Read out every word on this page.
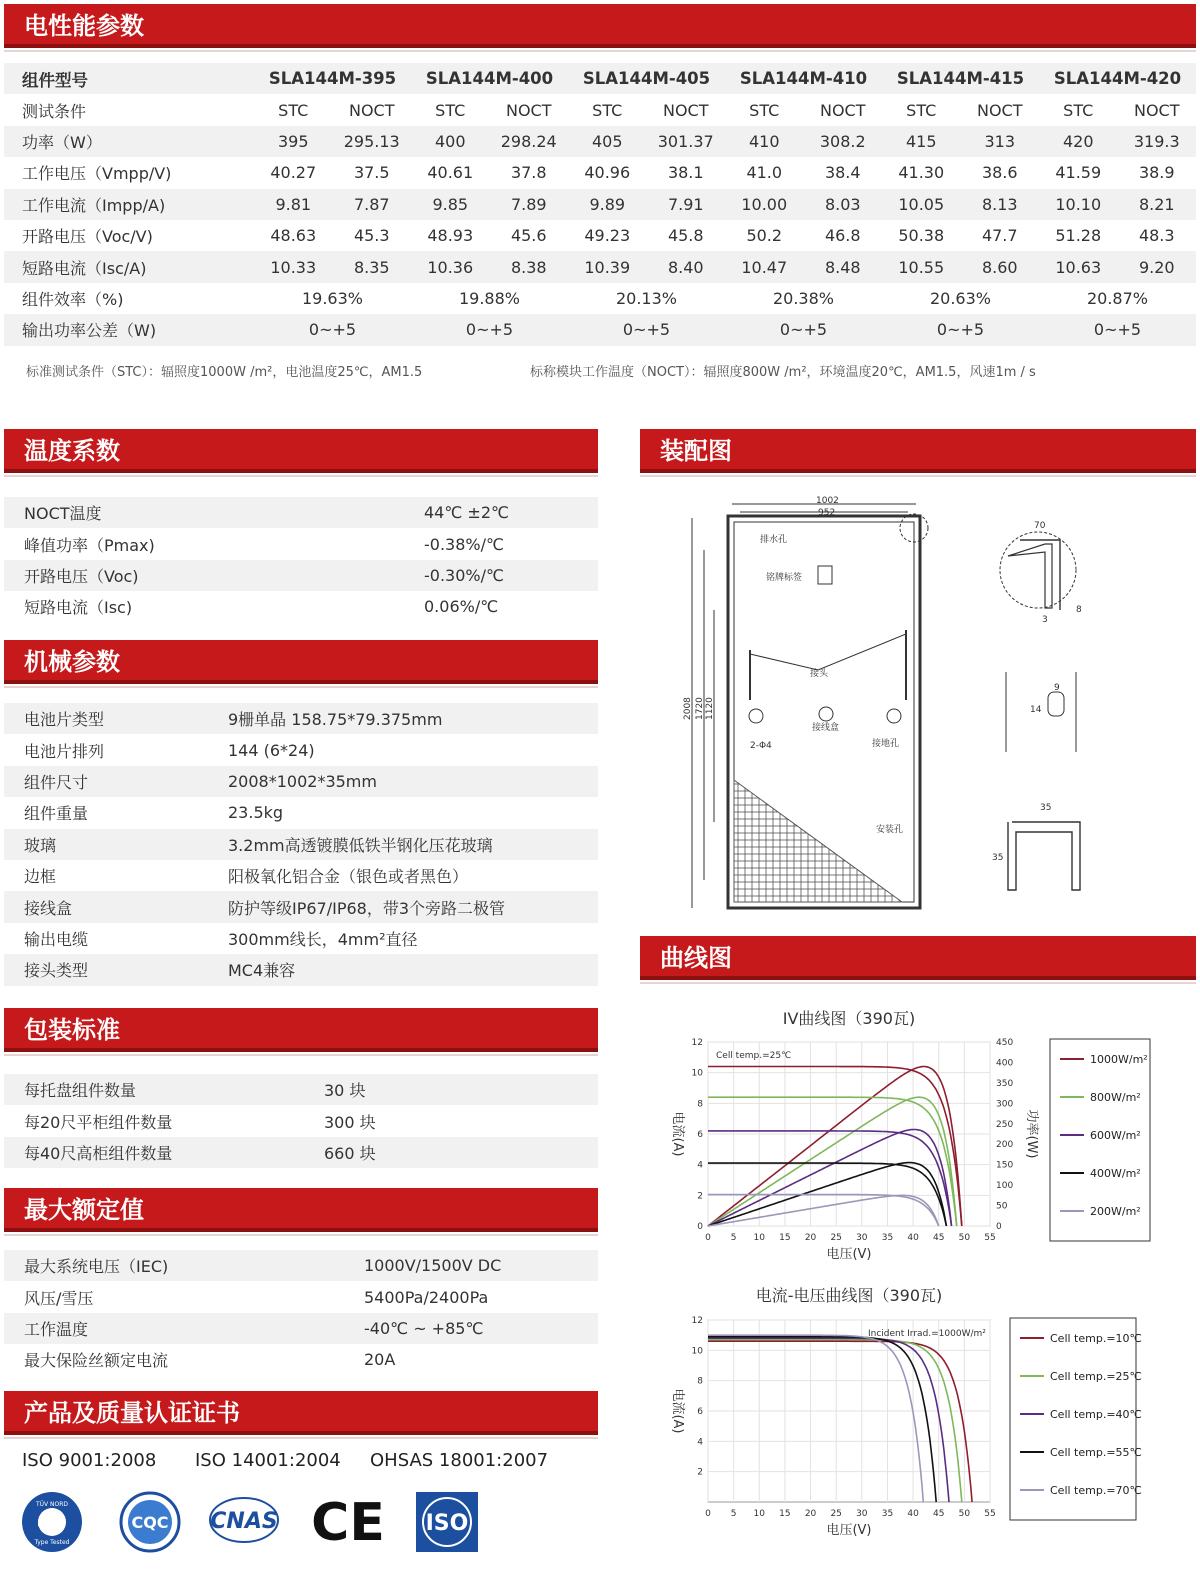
电性能参数
组件型号	SLA144M-395		SLA144M-400		SLA144M-405		SLA144M-410		SLA144M-415		SLA144M-420	
测试条件	STC	NOCT	STC	NOCT	STC	NOCT	STC	NOCT	STC	NOCT	STC	NOCT
功率（W）	395	295.13	400	298.24	405	301.37	410	308.2	415	313	420	319.3
工作电压（Vmpp/V)	40.27	37.5	40.61	37.8	40.96	38.1	41.0	38.4	41.30	38.6	41.59	38.9
工作电流（Impp/A)	9.81	7.87	9.85	7.89	9.89	7.91	10.00	8.03	10.05	8.13	10.10	8.21
开路电压（Voc/V)	48.63	45.3	48.93	45.6	49.23	45.8	50.2	46.8	50.38	47.7	51.28	48.3
短路电流（Isc/A)	10.33	8.35	10.36	8.38	10.39	8.40	10.47	8.48	10.55	8.60	10.63	9.20
组件效率（%)	19.63%		19.88%		20.13%		20.38%		20.63%		20.87%	
输出功率公差（W)	0~+5		0~+5		0~+5		0~+5		0~+5		0~+5	
标准测试条件（STC）：辐照度1000W /m²，电池温度25℃，AM1.5	标称模块工作温度（NOCT）：辐照度800W /m²，环境温度20℃，AM1.5，风速1m / s
温度系数
NOCT温度	44℃ ±2℃
峰值功率（Pmax)	-0.38%/℃
开路电压（Voc)	-0.30%/℃
短路电流（Isc)	0.06%/℃
机械参数
电池片类型	9栅单晶 158.75*79.375mm
电池片排列	144 (6*24)
组件尺寸	2008*1002*35mm
组件重量	23.5kg
玻璃	3.2mm高透镀膜低铁半钢化压花玻璃
边框	阳极氧化铝合金（银色或者黑色）
接线盒	防护等级IP67/IP68，带3个旁路二极管
输出电缆	300mm线长，4mm²直径
接头类型	MC4兼容
包装标准
每托盘组件数量	30 块
每20尺平柜组件数量	300 块
每40尺高柜组件数量	660 块
最大额定值
最大系统电压（IEC)	1000V/1500V DC
风压/雪压	5400Pa/2400Pa
工作温度	-40℃ ~ +85℃
最大保险丝额定电流	20A
产品及质量认证证书
ISO 9001:2008 ISO 14001:2004 OHSAS 18001:2007
TÜV NORD
Type Tested
CQC CNAS CE ISO
装配图
1002
952
2008 1720 1120
排水孔
铭牌标签
接头
接线盒
2-Φ4	接地孔
安装孔
70
8
3
9
14
35
35
曲线图
IV曲线图（390瓦)
0 5 10 15 20 25 30 35 40 45 50 55
0
2
4
6
8
10
12
0
50
100
150
200
250
300
350
400
450
功率(W)
电流(A)
电压(V)
Cell temp.=25℃	1000W/m²
800W/m²
600W/m²
400W/m²
200W/m²
电流-电压曲线图（390瓦)
0 5 10 15 20 25 30 35 40 45 50 55
2
4
6
8
10
12
电流(A)
电压(V)
Incident Irrad.=1000W/m²	Cell temp.=10℃
Cell temp.=25℃
Cell temp.=40℃
Cell temp.=55℃
Cell temp.=70℃
